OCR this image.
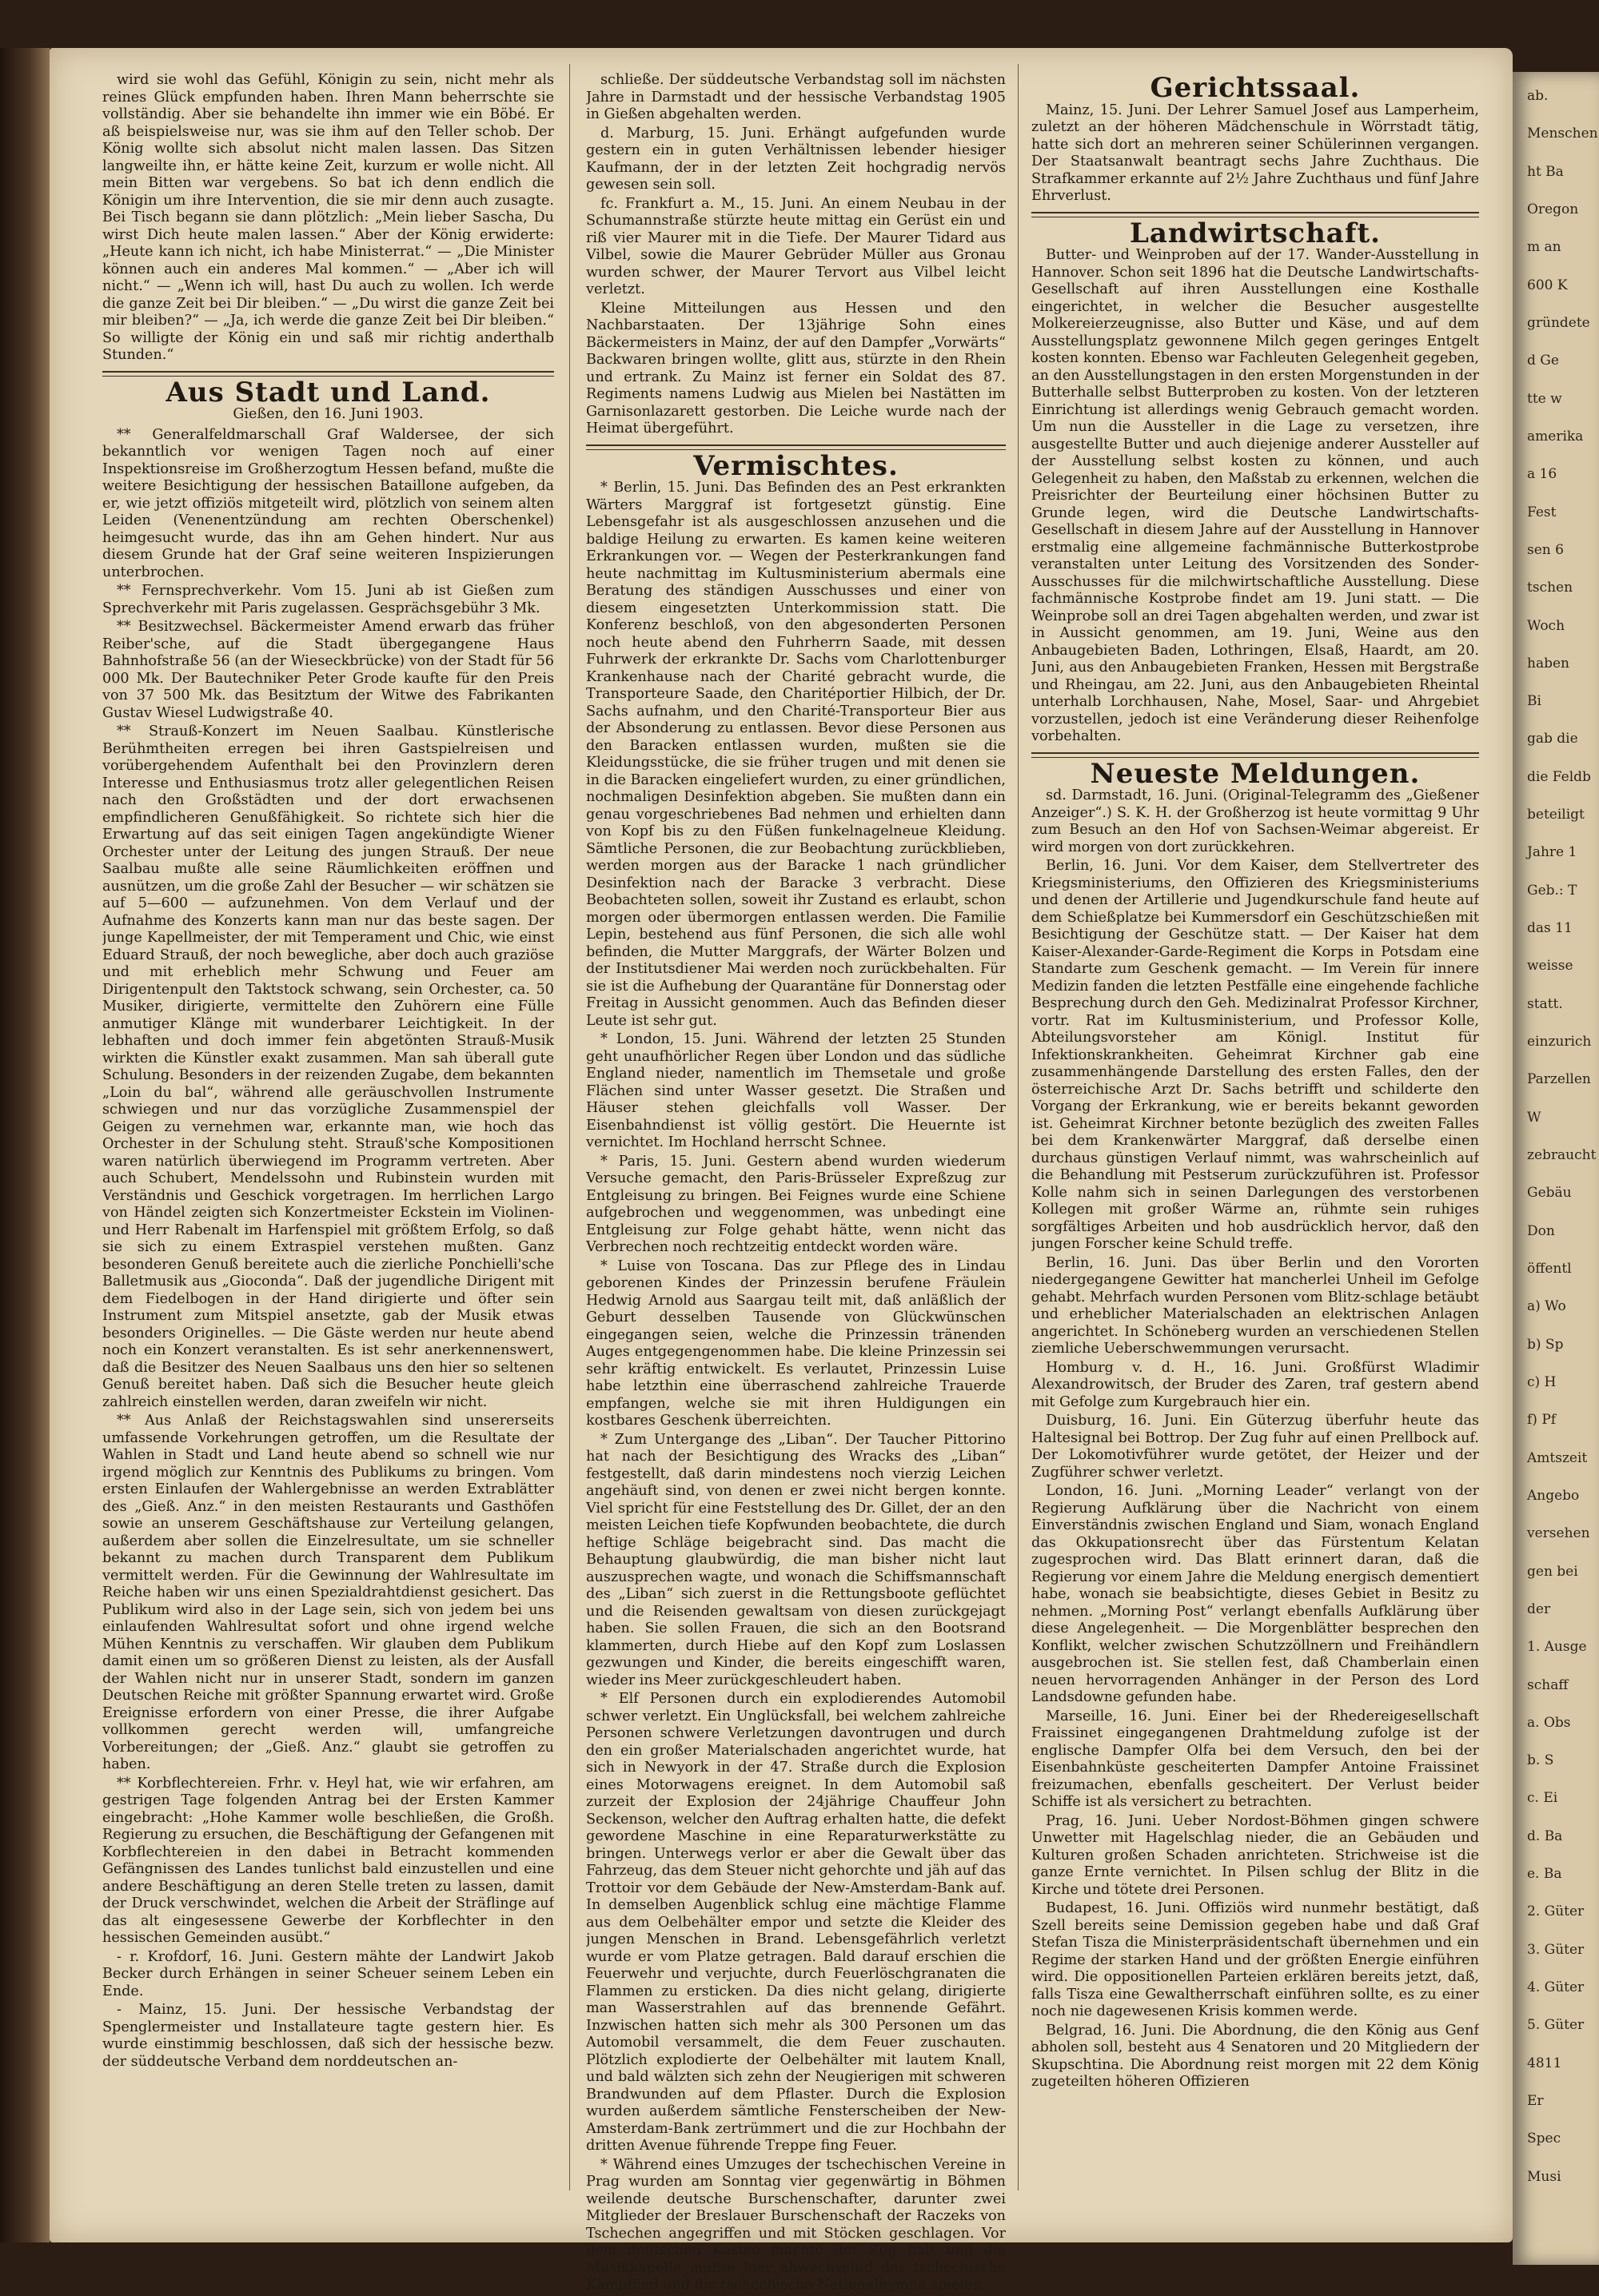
wird sie wohl das Gefühl, Königin zu sein, nicht mehr als reines Glück empfunden haben. Ihren Mann beherrschte sie vollständig. Aber sie behandelte ihn immer wie ein Böbé. Er aß beispielsweise nur, was sie ihm auf den Teller schob. Der König wollte sich absolut nicht malen lassen. Das Sitzen langweilte ihn, er hätte keine Zeit, kurzum er wolle nicht. All mein Bitten war vergebens. So bat ich denn endlich die Königin um ihre Intervention, die sie mir denn auch zusagte. Bei Tisch begann sie dann plötzlich: „Mein lieber Sascha, Du wirst Dich heute malen lassen.“ Aber der König erwiderte: „Heute kann ich nicht, ich habe Ministerrat.“ — „Die Minister können auch ein anderes Mal kommen.“ — „Aber ich will nicht.“ — „Wenn ich will, hast Du auch zu wollen. Ich werde die ganze Zeit bei Dir bleiben.“ — „Du wirst die ganze Zeit bei mir bleiben?“ — „Ja, ich werde die ganze Zeit bei Dir bleiben.“ So willigte der König ein und saß mir richtig anderthalb Stunden.“

Aus Stadt und Land.
Gießen, den 16. Juni 1903.

** Generalfeldmarschall Graf Waldersee, der sich bekanntlich vor wenigen Tagen noch auf einer Inspektionsreise im Großherzogtum Hessen befand, mußte die weitere Besichtigung der hessischen Bataillone aufgeben, da er, wie jetzt offiziös mitgeteilt wird, plötzlich von seinem alten Leiden (Venenentzündung am rechten Oberschenkel) heimgesucht wurde, das ihn am Gehen hindert. Nur aus diesem Grunde hat der Graf seine weiteren Inspizierungen unterbrochen.

** Fernsprechverkehr. Vom 15. Juni ab ist Gießen zum Sprechverkehr mit Paris zugelassen. Gesprächsgebühr 3 Mk.

** Besitzwechsel. Bäckermeister Amend erwarb das früher Reiber'sche, auf die Stadt übergegangene Haus Bahnhofstraße 56 (an der Wieseckbrücke) von der Stadt für 56 000 Mk. Der Bautechniker Peter Grode kaufte für den Preis von 37 500 Mk. das Besitztum der Witwe des Fabrikanten Gustav Wiesel Ludwigstraße 40.

** Strauß-Konzert im Neuen Saalbau. Künstlerische Berühmtheiten erregen bei ihren Gastspielreisen und vorübergehendem Aufenthalt bei den Provinzlern deren Interesse und Enthusiasmus trotz aller gelegentlichen Reisen nach den Großstädten und der dort erwachsenen empfindlicheren Genußfähigkeit. So richtete sich hier die Erwartung auf das seit einigen Tagen angekündigte Wiener Orchester unter der Leitung des jungen Strauß. Der neue Saalbau mußte alle seine Räumlichkeiten eröffnen und ausnützen, um die große Zahl der Besucher — wir schätzen sie auf 5—600 — aufzunehmen. Von dem Verlauf und der Aufnahme des Konzerts kann man nur das beste sagen. Der junge Kapellmeister, der mit Temperament und Chic, wie einst Eduard Strauß, der noch bewegliche, aber doch auch graziöse und mit erheblich mehr Schwung und Feuer am Dirigentenpult den Taktstock schwang, sein Orchester, ca. 50 Musiker, dirigierte, vermittelte den Zuhörern eine Fülle anmutiger Klänge mit wunderbarer Leichtigkeit. In der lebhaften und doch immer fein abgetönten Strauß-Musik wirkten die Künstler exakt zusammen. Man sah überall gute Schulung. Besonders in der reizenden Zugabe, dem bekannten „Loin du bal“, während alle geräuschvollen Instrumente schwiegen und nur das vorzügliche Zusammenspiel der Geigen zu vernehmen war, erkannte man, wie hoch das Orchester in der Schulung steht. Strauß'sche Kompositionen waren natürlich überwiegend im Programm vertreten. Aber auch Schubert, Mendelssohn und Rubinstein wurden mit Verständnis und Geschick vorgetragen. Im herrlichen Largo von Händel zeigten sich Konzertmeister Eckstein im Violinen- und Herr Rabenalt im Harfenspiel mit größtem Erfolg, so daß sie sich zu einem Extraspiel verstehen mußten. Ganz besonderen Genuß bereitete auch die zierliche Ponchielli'sche Balletmusik aus „Gioconda“. Daß der jugendliche Dirigent mit dem Fiedelbogen in der Hand dirigierte und öfter sein Instrument zum Mitspiel ansetzte, gab der Musik etwas besonders Originelles. — Die Gäste werden nur heute abend noch ein Konzert veranstalten. Es ist sehr anerkennenswert, daß die Besitzer des Neuen Saalbaus uns den hier so seltenen Genuß bereitet haben. Daß sich die Besucher heute gleich zahlreich einstellen werden, daran zweifeln wir nicht.

** Aus Anlaß der Reichstagswahlen sind unsererseits umfassende Vorkehrungen getroffen, um die Resultate der Wahlen in Stadt und Land heute abend so schnell wie nur irgend möglich zur Kenntnis des Publikums zu bringen. Vom ersten Einlaufen der Wahlergebnisse an werden Extrablätter des „Gieß. Anz.“ in den meisten Restaurants und Gasthöfen sowie an unserem Geschäftshause zur Verteilung gelangen, außerdem aber sollen die Einzelresultate, um sie schneller bekannt zu machen durch Transparent dem Publikum vermittelt werden. Für die Gewinnung der Wahlresultate im Reiche haben wir uns einen Spezialdrahtdienst gesichert. Das Publikum wird also in der Lage sein, sich von jedem bei uns einlaufenden Wahlresultat sofort und ohne irgend welche Mühen Kenntnis zu verschaffen. Wir glauben dem Publikum damit einen um so größeren Dienst zu leisten, als der Ausfall der Wahlen nicht nur in unserer Stadt, sondern im ganzen Deutschen Reiche mit größter Spannung erwartet wird. Große Ereignisse erfordern von einer Presse, die ihrer Aufgabe vollkommen gerecht werden will, umfangreiche Vorbereitungen; der „Gieß. Anz.“ glaubt sie getroffen zu haben.

** Korbflechtereien. Frhr. v. Heyl hat, wie wir erfahren, am gestrigen Tage folgenden Antrag bei der Ersten Kammer eingebracht: „Hohe Kammer wolle beschließen, die Großh. Regierung zu ersuchen, die Beschäftigung der Gefangenen mit Korbflechtereien in den dabei in Betracht kommenden Gefängnissen des Landes tunlichst bald einzustellen und eine andere Beschäftigung an deren Stelle treten zu lassen, damit der Druck verschwindet, welchen die Arbeit der Sträflinge auf das alt eingesessene Gewerbe der Korbflechter in den hessischen Gemeinden ausübt.“

- r. Krofdorf, 16. Juni. Gestern mähte der Landwirt Jakob Becker durch Erhängen in seiner Scheuer seinem Leben ein Ende.

- Mainz, 15. Juni. Der hessische Verbandstag der Spenglermeister und Installateure tagte gestern hier. Es wurde einstimmig beschlossen, daß sich der hessische bezw. der süddeutsche Verband dem norddeutschen an-

schließe. Der süddeutsche Verbandstag soll im nächsten Jahre in Darmstadt und der hessische Verbandstag 1905 in Gießen abgehalten werden.

d. Marburg, 15. Juni. Erhängt aufgefunden wurde gestern ein in guten Verhältnissen lebender hiesiger Kaufmann, der in der letzten Zeit hochgradig nervös gewesen sein soll.

fc. Frankfurt a. M., 15. Juni. An einem Neubau in der Schumannstraße stürzte heute mittag ein Gerüst ein und riß vier Maurer mit in die Tiefe. Der Maurer Tidard aus Vilbel, sowie die Maurer Gebrüder Müller aus Gronau wurden schwer, der Maurer Tervort aus Vilbel leicht verletzt.

Kleine Mitteilungen aus Hessen und den Nachbarstaaten. Der 13jährige Sohn eines Bäckermeisters in Mainz, der auf den Dampfer „Vorwärts“ Backwaren bringen wollte, glitt aus, stürzte in den Rhein und ertrank. Zu Mainz ist ferner ein Soldat des 87. Regiments namens Ludwig aus Mielen bei Nastätten im Garnisonlazarett gestorben. Die Leiche wurde nach der Heimat übergeführt.

Vermischtes.

* Berlin, 15. Juni. Das Befinden des an Pest erkrankten Wärters Marggraf ist fortgesetzt günstig. Eine Lebensgefahr ist als ausgeschlossen anzusehen und die baldige Heilung zu erwarten. Es kamen keine weiteren Erkrankungen vor. — Wegen der Pesterkrankungen fand heute nachmittag im Kultusministerium abermals eine Beratung des ständigen Ausschusses und einer von diesem eingesetzten Unterkommission statt. Die Konferenz beschloß, von den abgesonderten Personen noch heute abend den Fuhrherrn Saade, mit dessen Fuhrwerk der erkrankte Dr. Sachs vom Charlottenburger Krankenhause nach der Charité gebracht wurde, die Transporteure Saade, den Charitéportier Hilbich, der Dr. Sachs aufnahm, und den Charité-Transporteur Bier aus der Absonderung zu entlassen. Bevor diese Personen aus den Baracken entlassen wurden, mußten sie die Kleidungsstücke, die sie früher trugen und mit denen sie in die Baracken eingeliefert wurden, zu einer gründlichen, nochmaligen Desinfektion abgeben. Sie mußten dann ein genau vorgeschriebenes Bad nehmen und erhielten dann von Kopf bis zu den Füßen funkelnagelneue Kleidung. Sämtliche Personen, die zur Beobachtung zurückblieben, werden morgen aus der Baracke 1 nach gründlicher Desinfektion nach der Baracke 3 verbracht. Diese Beobachteten sollen, soweit ihr Zustand es erlaubt, schon morgen oder übermorgen entlassen werden. Die Familie Lepin, bestehend aus fünf Personen, die sich alle wohl befinden, die Mutter Marggrafs, der Wärter Bolzen und der Institutsdiener Mai werden noch zurückbehalten. Für sie ist die Aufhebung der Quarantäne für Donnerstag oder Freitag in Aussicht genommen. Auch das Befinden dieser Leute ist sehr gut.

* London, 15. Juni. Während der letzten 25 Stunden geht unaufhörlicher Regen über London und das südliche England nieder, namentlich im Themsetale und große Flächen sind unter Wasser gesetzt. Die Straßen und Häuser stehen gleichfalls voll Wasser. Der Eisenbahndienst ist völlig gestört. Die Heuernte ist vernichtet. Im Hochland herrscht Schnee.

* Paris, 15. Juni. Gestern abend wurden wiederum Versuche gemacht, den Paris-Brüsseler Expreßzug zur Entgleisung zu bringen. Bei Feignes wurde eine Schiene aufgebrochen und weggenommen, was unbedingt eine Entgleisung zur Folge gehabt hätte, wenn nicht das Verbrechen noch rechtzeitig entdeckt worden wäre.

* Luise von Toscana. Das zur Pflege des in Lindau geborenen Kindes der Prinzessin berufene Fräulein Hedwig Arnold aus Saargau teilt mit, daß anläßlich der Geburt desselben Tausende von Glückwünschen eingegangen seien, welche die Prinzessin tränenden Auges entgegengenommen habe. Die kleine Prinzessin sei sehr kräftig entwickelt. Es verlautet, Prinzessin Luise habe letzthin eine überraschend zahlreiche Trauerde empfangen, welche sie mit ihren Huldigungen ein kostbares Geschenk überreichten.

* Zum Untergange des „Liban“. Der Taucher Pittorino hat nach der Besichtigung des Wracks des „Liban“ festgestellt, daß darin mindestens noch vierzig Leichen angehäuft sind, von denen er zwei nicht bergen konnte. Viel spricht für eine Feststellung des Dr. Gillet, der an den meisten Leichen tiefe Kopfwunden beobachtete, die durch heftige Schläge beigebracht sind. Das macht die Behauptung glaubwürdig, die man bisher nicht laut auszusprechen wagte, und wonach die Schiffsmannschaft des „Liban“ sich zuerst in die Rettungsboote geflüchtet und die Reisenden gewaltsam von diesen zurückgejagt haben. Sie sollen Frauen, die sich an den Bootsrand klammerten, durch Hiebe auf den Kopf zum Loslassen gezwungen und Kinder, die bereits eingeschifft waren, wieder ins Meer zurückgeschleudert haben.

* Elf Personen durch ein explodierendes Automobil schwer verletzt. Ein Unglücksfall, bei welchem zahlreiche Personen schwere Verletzungen davontrugen und durch den ein großer Materialschaden angerichtet wurde, hat sich in Newyork in der 47. Straße durch die Explosion eines Motorwagens ereignet. In dem Automobil saß zurzeit der Explosion der 24jährige Chauffeur John Seckenson, welcher den Auftrag erhalten hatte, die defekt gewordene Maschine in eine Reparaturwerkstätte zu bringen. Unterwegs verlor er aber die Gewalt über das Fahrzeug, das dem Steuer nicht gehorchte und jäh auf das Trottoir vor dem Gebäude der New-Amsterdam-Bank auf. In demselben Augenblick schlug eine mächtige Flamme aus dem Oelbehälter empor und setzte die Kleider des jungen Menschen in Brand. Lebensgefährlich verletzt wurde er vom Platze getragen. Bald darauf erschien die Feuerwehr und verjuchte, durch Feuerlöschgranaten die Flammen zu ersticken. Da dies nicht gelang, dirigierte man Wasserstrahlen auf das brennende Gefährt. Inzwischen hatten sich mehr als 300 Personen um das Automobil versammelt, die dem Feuer zuschauten. Plötzlich explodierte der Oelbehälter mit lautem Knall, und bald wälzten sich zehn der Neugierigen mit schweren Brandwunden auf dem Pflaster. Durch die Explosion wurden außerdem sämtliche Fensterscheiben der New-Amsterdam-Bank zertrümmert und die zur Hochbahn der dritten Avenue führende Treppe fing Feuer.

* Während eines Umzuges der tschechischen Vereine in Prag wurden am Sonntag vier gegenwärtig in Böhmen weilende deutsche Burschenschafter, darunter zwei Mitglieder der Breslauer Burschenschaft der Raczeks von Tschechen angegriffen und mit Stöcken geschlagen. Vor dem deutschen Kasino machte der Zug halt und die Musikkapelle mußte hier abwechselnd das tschechische Kampflied und die tschechische Nationalhymne spielen.

Gerichtssaal.

Mainz, 15. Juni. Der Lehrer Samuel Josef aus Lamperheim, zuletzt an der höheren Mädchenschule in Wörrstadt tätig, hatte sich dort an mehreren seiner Schülerinnen vergangen. Der Staatsanwalt beantragt sechs Jahre Zuchthaus. Die Strafkammer erkannte auf 2½ Jahre Zuchthaus und fünf Jahre Ehrverlust.

Landwirtschaft.

Butter- und Weinproben auf der 17. Wander-Ausstellung in Hannover. Schon seit 1896 hat die Deutsche Landwirtschafts-Gesellschaft auf ihren Ausstellungen eine Kosthalle eingerichtet, in welcher die Besucher ausgestellte Molkereierzeugnisse, also Butter und Käse, und auf dem Ausstellungsplatz gewonnene Milch gegen geringes Entgelt kosten konnten. Ebenso war Fachleuten Gelegenheit gegeben, an den Ausstellungstagen in den ersten Morgenstunden in der Butterhalle selbst Butterproben zu kosten. Von der letzteren Einrichtung ist allerdings wenig Gebrauch gemacht worden. Um nun die Aussteller in die Lage zu versetzen, ihre ausgestellte Butter und auch diejenige anderer Aussteller auf der Ausstellung selbst kosten zu können, und auch Gelegenheit zu haben, den Maßstab zu erkennen, welchen die Preisrichter der Beurteilung einer höchsinen Butter zu Grunde legen, wird die Deutsche Landwirtschafts-Gesellschaft in diesem Jahre auf der Ausstellung in Hannover erstmalig eine allgemeine fachmännische Butterkostprobe veranstalten unter Leitung des Vorsitzenden des Sonder-Ausschusses für die milchwirtschaftliche Ausstellung. Diese fachmännische Kostprobe findet am 19. Juni statt. — Die Weinprobe soll an drei Tagen abgehalten werden, und zwar ist in Aussicht genommen, am 19. Juni, Weine aus den Anbaugebieten Baden, Lothringen, Elsaß, Haardt, am 20. Juni, aus den Anbaugebieten Franken, Hessen mit Bergstraße und Rheingau, am 22. Juni, aus den Anbaugebieten Rheintal unterhalb Lorchhausen, Nahe, Mosel, Saar- und Ahrgebiet vorzustellen, jedoch ist eine Veränderung dieser Reihenfolge vorbehalten.

Neueste Meldungen.

sd. Darmstadt, 16. Juni. (Original-Telegramm des „Gießener Anzeiger“.) S. K. H. der Großherzog ist heute vormittag 9 Uhr zum Besuch an den Hof von Sachsen-Weimar abgereist. Er wird morgen von dort zurückkehren.

Berlin, 16. Juni. Vor dem Kaiser, dem Stellvertreter des Kriegsministeriums, den Offizieren des Kriegsministeriums und denen der Artillerie und Jugendkurschule fand heute auf dem Schießplatze bei Kummersdorf ein Geschützschießen mit Besichtigung der Geschütze statt. — Der Kaiser hat dem Kaiser-Alexander-Garde-Regiment die Korps in Potsdam eine Standarte zum Geschenk gemacht. — Im Verein für innere Medizin fanden die letzten Pestfälle eine eingehende fachliche Besprechung durch den Geh. Medizinalrat Professor Kirchner, vortr. Rat im Kultusministerium, und Professor Kolle, Abteilungsvorsteher am Königl. Institut für Infektionskrankheiten. Geheimrat Kirchner gab eine zusammenhängende Darstellung des ersten Falles, den der österreichische Arzt Dr. Sachs betrifft und schilderte den Vorgang der Erkrankung, wie er bereits bekannt geworden ist. Geheimrat Kirchner betonte bezüglich des zweiten Falles bei dem Krankenwärter Marggraf, daß derselbe einen durchaus günstigen Verlauf nimmt, was wahrscheinlich auf die Behandlung mit Pestserum zurückzuführen ist. Professor Kolle nahm sich in seinen Darlegungen des verstorbenen Kollegen mit großer Wärme an, rühmte sein ruhiges sorgfältiges Arbeiten und hob ausdrücklich hervor, daß den jungen Forscher keine Schuld treffe.

Berlin, 16. Juni. Das über Berlin und den Vororten niedergegangene Gewitter hat mancherlei Unheil im Gefolge gehabt. Mehrfach wurden Personen vom Blitz-schlage betäubt und erheblicher Materialschaden an elektrischen Anlagen angerichtet. In Schöneberg wurden an verschiedenen Stellen ziemliche Ueberschwemmungen verursacht.

Homburg v. d. H., 16. Juni. Großfürst Wladimir Alexandrowitsch, der Bruder des Zaren, traf gestern abend mit Gefolge zum Kurgebrauch hier ein.

Duisburg, 16. Juni. Ein Güterzug überfuhr heute das Haltesignal bei Bottrop. Der Zug fuhr auf einen Prellbock auf. Der Lokomotivführer wurde getötet, der Heizer und der Zugführer schwer verletzt.

London, 16. Juni. „Morning Leader“ verlangt von der Regierung Aufklärung über die Nachricht von einem Einverständnis zwischen England und Siam, wonach England das Okkupationsrecht über das Fürstentum Kelatan zugesprochen wird. Das Blatt erinnert daran, daß die Regierung vor einem Jahre die Meldung energisch dementiert habe, wonach sie beabsichtigte, dieses Gebiet in Besitz zu nehmen. „Morning Post“ verlangt ebenfalls Aufklärung über diese Angelegenheit. — Die Morgenblätter besprechen den Konflikt, welcher zwischen Schutzzöllnern und Freihändlern ausgebrochen ist. Sie stellen fest, daß Chamberlain einen neuen hervorragenden Anhänger in der Person des Lord Landsdowne gefunden habe.

Marseille, 16. Juni. Einer bei der Rhedereigesellschaft Fraissinet eingegangenen Drahtmeldung zufolge ist der englische Dampfer Olfa bei dem Versuch, den bei der Eisenbahnküste gescheiterten Dampfer Antoine Fraissinet freizumachen, ebenfalls gescheitert. Der Verlust beider Schiffe ist als versichert zu betrachten.

Prag, 16. Juni. Ueber Nordost-Böhmen gingen schwere Unwetter mit Hagelschlag nieder, die an Gebäuden und Kulturen großen Schaden anrichteten. Strichweise ist die ganze Ernte vernichtet. In Pilsen schlug der Blitz in die Kirche und tötete drei Personen.

Budapest, 16. Juni. Offiziös wird nunmehr bestätigt, daß Szell bereits seine Demission gegeben habe und daß Graf Stefan Tisza die Ministerpräsidentschaft übernehmen und ein Regime der starken Hand und der größten Energie einführen wird. Die oppositionellen Parteien erklären bereits jetzt, daß, falls Tisza eine Gewaltherrschaft einführen sollte, es zu einer noch nie dagewesenen Krisis kommen werde.

Belgrad, 16. Juni. Die Abordnung, die den König aus Genf abholen soll, besteht aus 4 Senatoren und 20 Mitgliedern der Skupschtina. Die Abordnung reist morgen mit 22 dem König zugeteilten höheren Offizieren

ab.
Menschen
ht Ba
Oregon
m an
600 K
gründete
d Ge
tte w
amerika
a 16
Fest
sen 6
tschen
Woch
haben
Bi
gab die
die Feldb
beteiligt
Jahre 1
Geb.: T
das 11
weisse
statt.
einzurich
Parzellen
W
zebraucht
Gebäu
Don
öffentl
a) Wo
b) Sp
c) H
f) Pf
Amtszeit
Angebo
versehen
gen bei
der
1. Ausge
schaff
a. Obs
b. S
c. Ei
d. Ba
e. Ba
2. Güter
3. Güter
4. Güter
5. Güter
4811
Er
Spec
Musi
